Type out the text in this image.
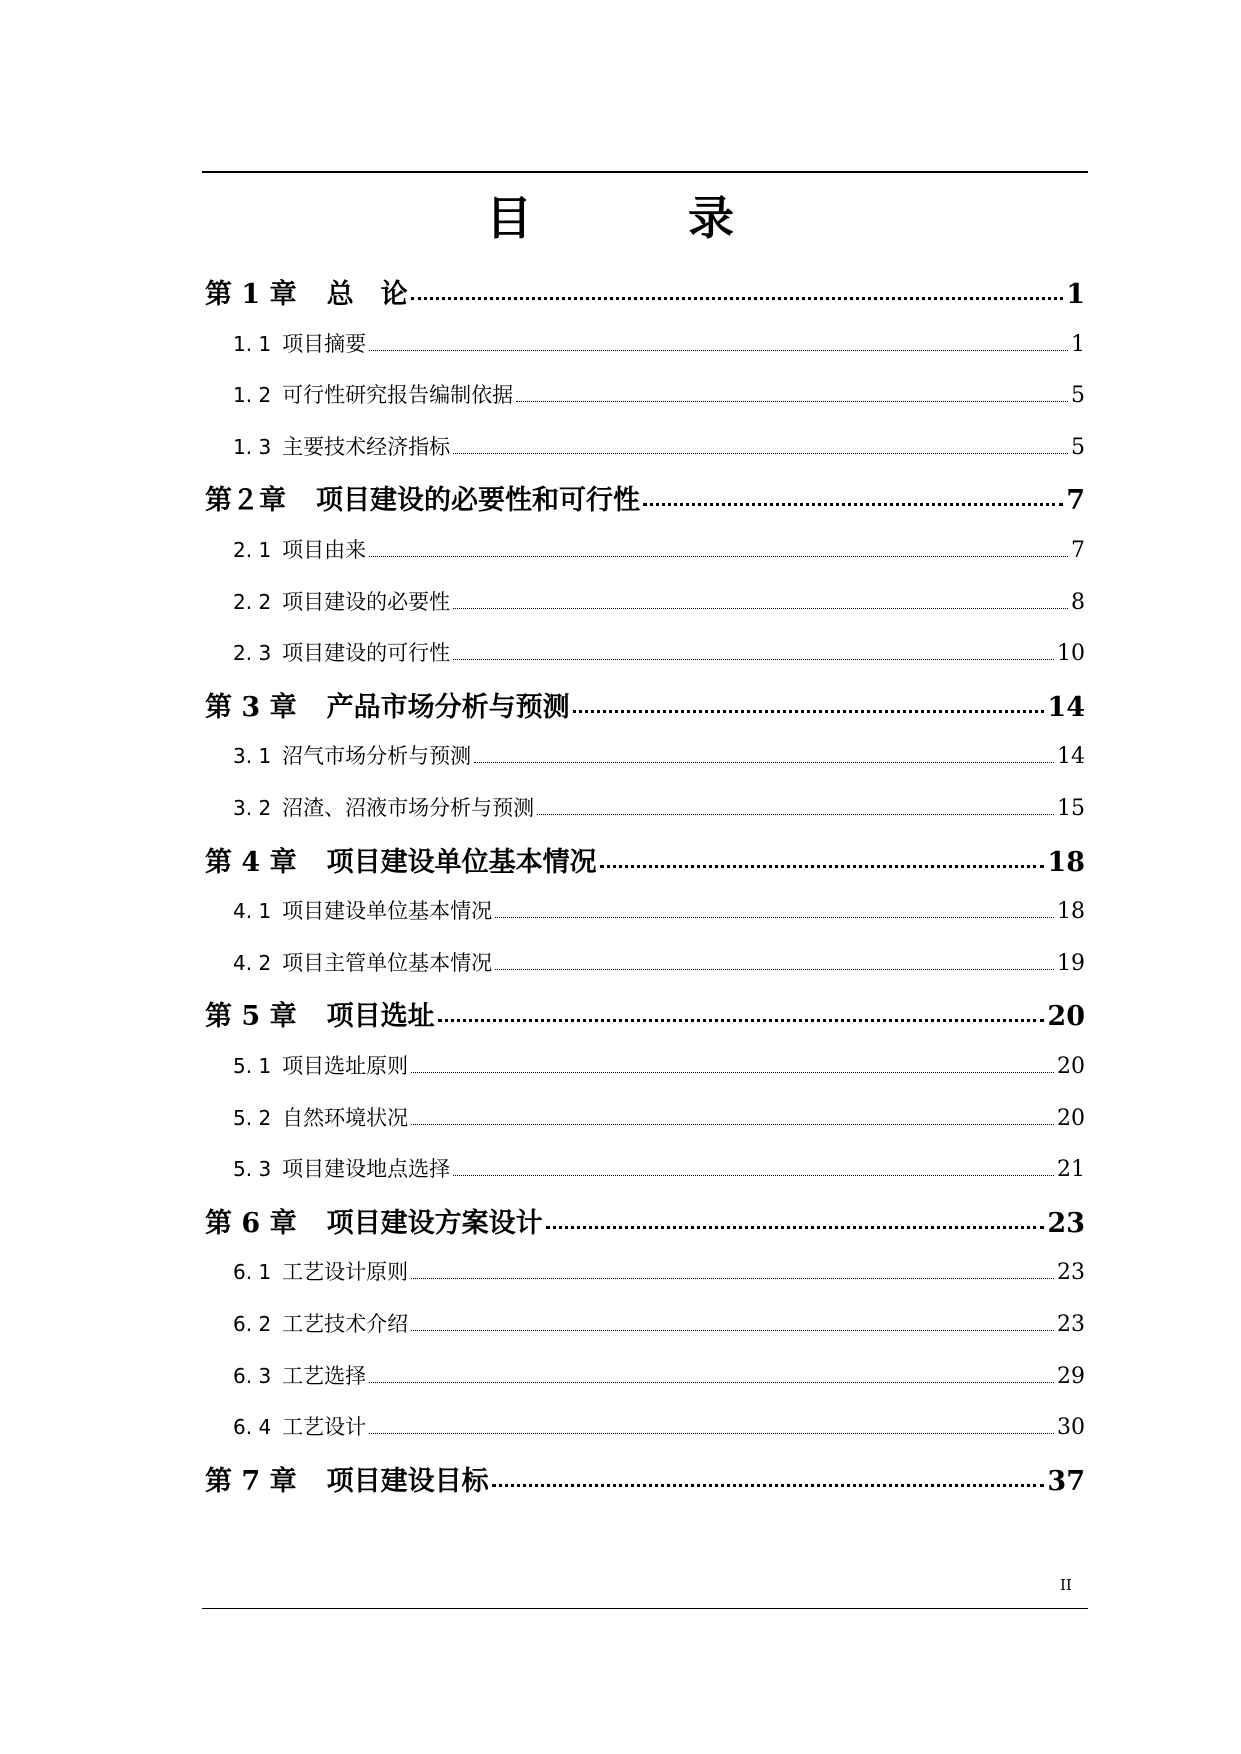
目 录
第 1 章 总　论	1
1. 1 项目摘要	1
1. 2 可行性研究报告编制依据	5
1. 3 主要技术经济指标	5
第２章 项目建设的必要性和可行性	7
2. 1 项目由来	7
2. 2 项目建设的必要性	8
2. 3 项目建设的可行性	10
第 3 章 产品市场分析与预测	14
3. 1 沼气市场分析与预测	14
3. 2 沼渣、沼液市场分析与预测	15
第 4 章 项目建设单位基本情况	18
4. 1 项目建设单位基本情况	18
4. 2 项目主管单位基本情况	19
第 5 章 项目选址	20
5. 1 项目选址原则	20
5. 2 自然环境状况	20
5. 3 项目建设地点选择	21
第 6 章 项目建设方案设计	23
6. 1 工艺设计原则	23
6. 2 工艺技术介绍	23
6. 3 工艺选择	29
6. 4 工艺设计	30
第 7 章 项目建设目标	37
II
